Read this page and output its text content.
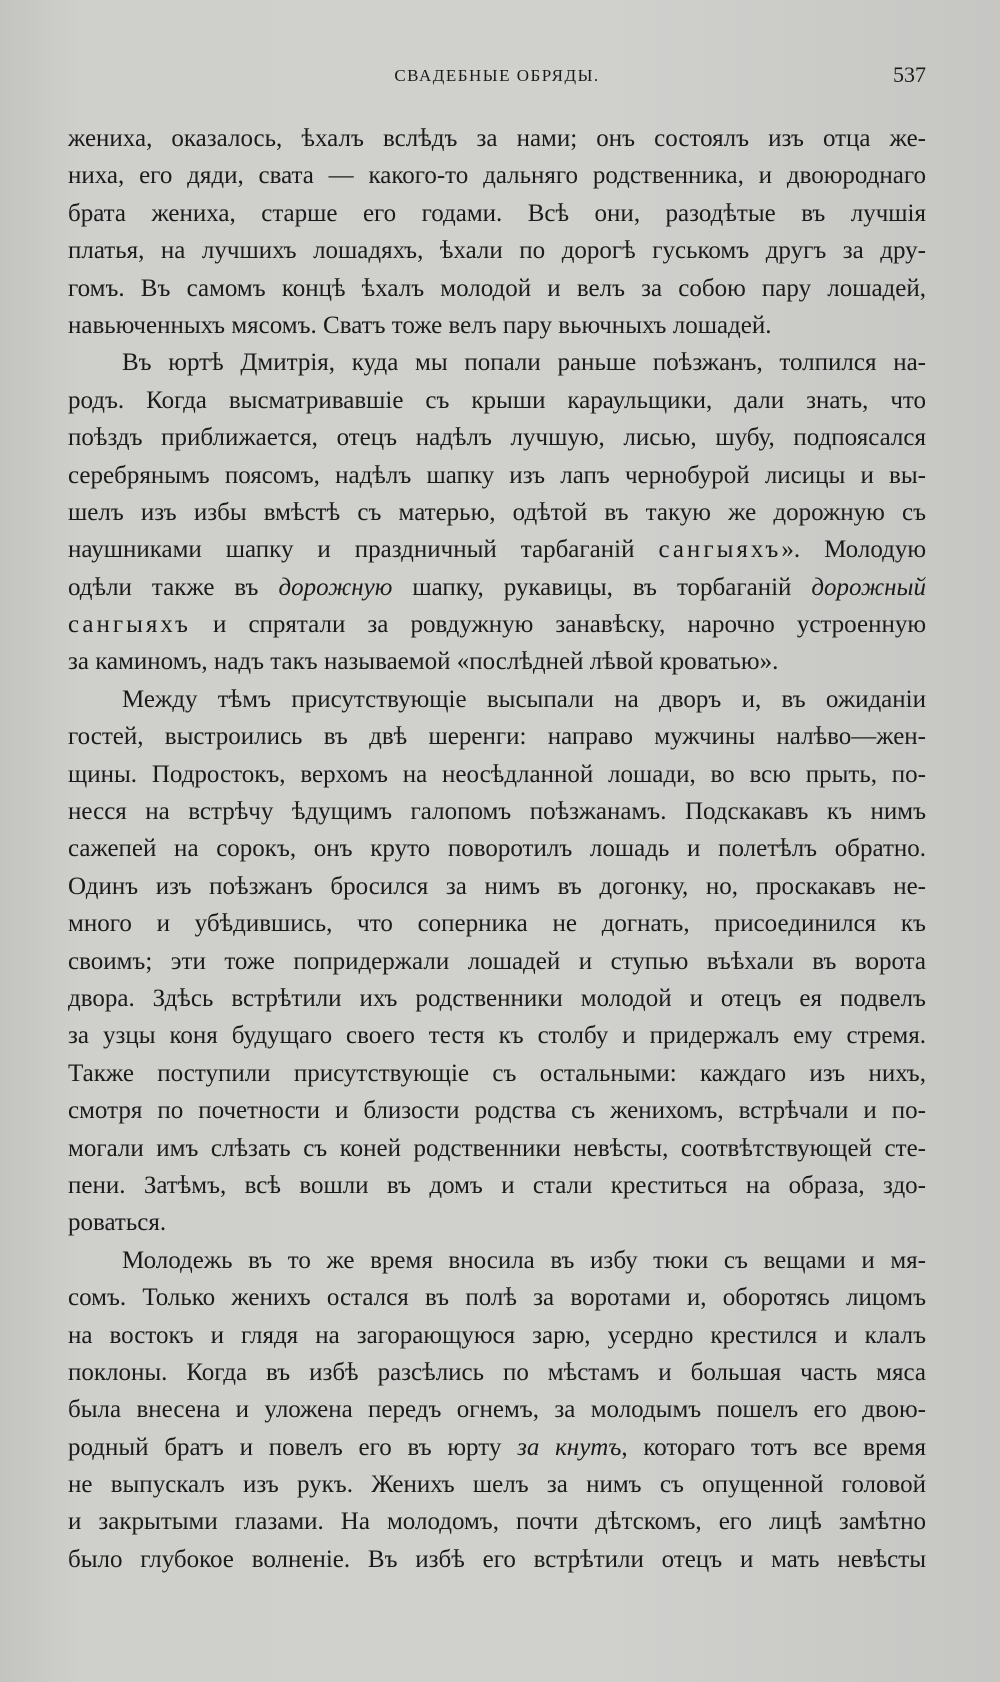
СВАДЕБНЫЕ ОБРЯДЫ.	537
жениха, оказалось, ѣхалъ вслѣдъ за нами; онъ состоялъ изъ отца же-
ниха, его дяди, свата — какого-то дальняго родственника, и двоюроднаго
брата жениха, старше его годами. Всѣ они, разодѣтые въ лучшія
платья, на лучшихъ лошадяхъ, ѣхали по дорогѣ гуськомъ другъ за дру-
гомъ. Въ самомъ концѣ ѣхалъ молодой и велъ за собою пару лошадей,
навьюченныхъ мясомъ. Сватъ тоже велъ пару вьючныхъ лошадей.
Въ юртѣ Дмитрія, куда мы попали раньше поѣзжанъ, толпился на-
родъ. Когда высматривавшіе съ крыши караульщики, дали знать, что
поѣздъ приближается, отецъ надѣлъ лучшую, лисью, шубу, подпоясался
серебрянымъ поясомъ, надѣлъ шапку изъ лапъ чернобурой лисицы и вы-
шелъ изъ избы вмѣстѣ съ матерью, одѣтой въ такую же дорожную съ
наушниками шапку и праздничный тарбаганій сангыяхъ». Молодую
одѣли также въ дорожную шапку, рукавицы, въ торбаганій дорожный
сангыяхъ и спрятали за ровдужную занавѣску, нарочно устроенную
за каминомъ, надъ такъ называемой «послѣдней лѣвой кроватью».
Между тѣмъ присутствующіе высыпали на дворъ и, въ ожиданіи
гостей, выстроились въ двѣ шеренги: направо мужчины налѣво—жен-
щины. Подростокъ, верхомъ на неосѣдланной лошади, во всю прыть, по-
несся на встрѣчу ѣдущимъ галопомъ поѣзжанамъ. Подскакавъ къ нимъ
сажепей на сорокъ, онъ круто поворотилъ лошадь и полетѣлъ обратно.
Одинъ изъ поѣзжанъ бросился за нимъ въ догонку, но, проскакавъ не-
много и убѣдившись, что соперника не догнать, присоединился къ
своимъ; эти тоже попридержали лошадей и ступью въѣхали въ ворота
двора. Здѣсь встрѣтили ихъ родственники молодой и отецъ ея подвелъ
за узцы коня будущаго своего тестя къ столбу и придержалъ ему стремя.
Также поступили присутствующіе съ остальными: каждаго изъ нихъ,
смотря по почетности и близости родства съ женихомъ, встрѣчали и по-
могали имъ слѣзать съ коней родственники невѣсты, соотвѣтствующей сте-
пени. Затѣмъ, всѣ вошли въ домъ и стали креститься на образа, здо-
роваться.
Молодежь въ то же время вносила въ избу тюки съ вещами и мя-
сомъ. Только женихъ остался въ полѣ за воротами и, оборотясь лицомъ
на востокъ и глядя на загорающуюся зарю, усердно крестился и клалъ
поклоны. Когда въ избѣ разсѣлись по мѣстамъ и большая часть мяса
была внесена и уложена передъ огнемъ, за молодымъ пошелъ его двою-
родный братъ и повелъ его въ юрту за кнутъ, котораго тотъ все время
не выпускалъ изъ рукъ. Женихъ шелъ за нимъ съ опущенной головой
и закрытыми глазами. На молодомъ, почти дѣтскомъ, его лицѣ замѣтно
было глубокое волненіе. Въ избѣ его встрѣтили отецъ и мать невѣсты
